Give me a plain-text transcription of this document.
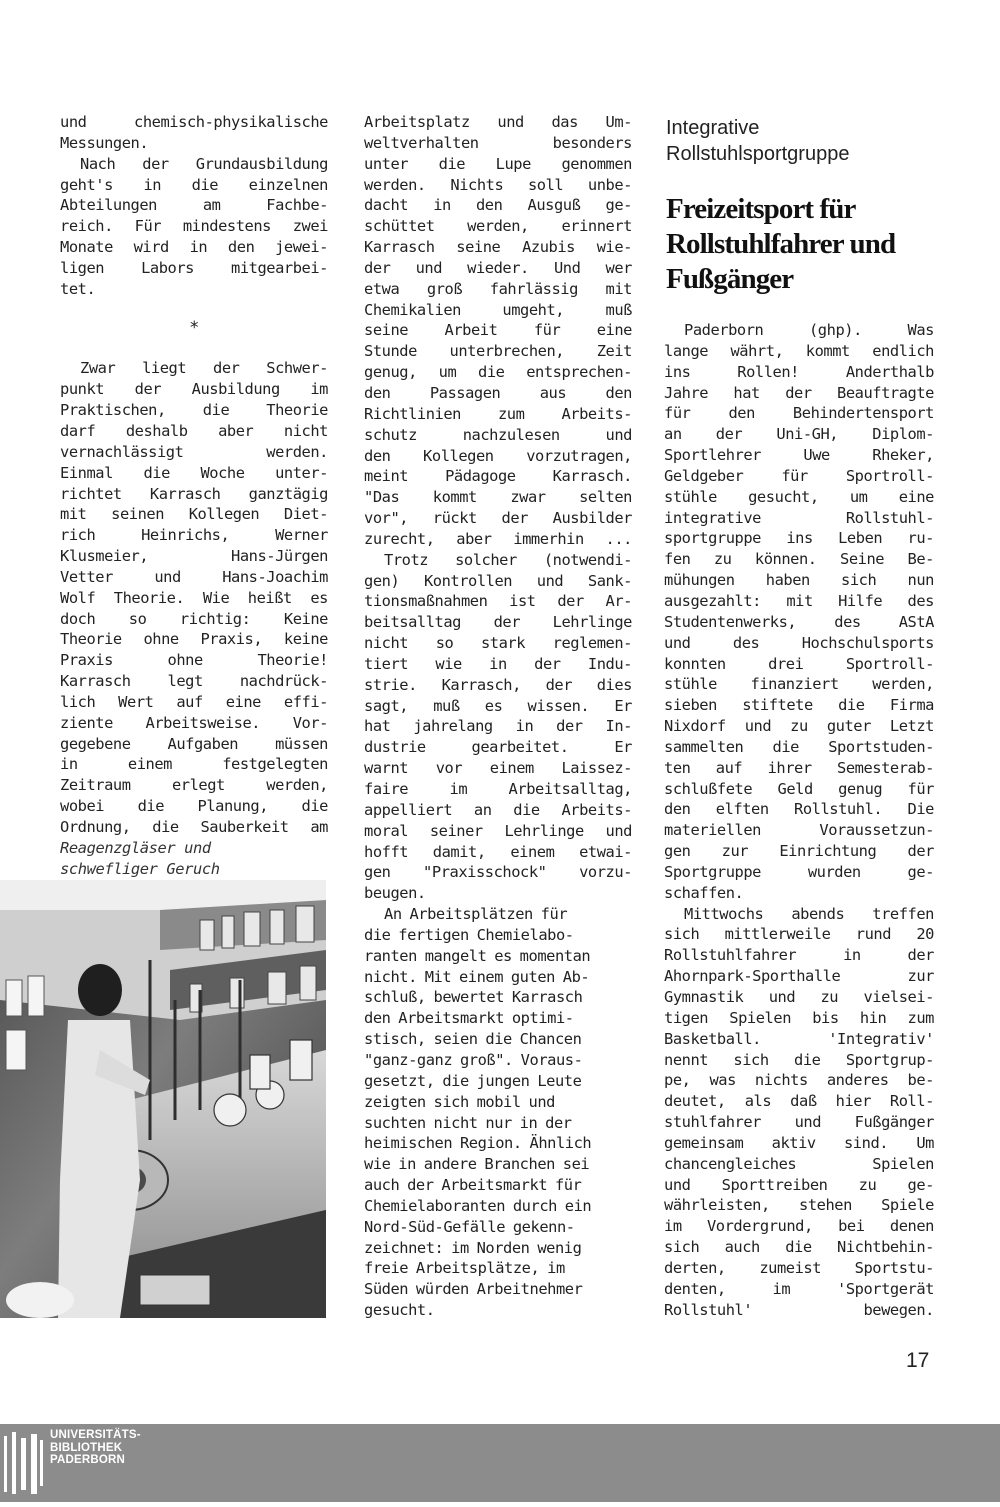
und chemisch-physikalische
Messungen.

Nach der Grundausbildung
geht's in die einzelnen
Abteilungen am Fachbe-
reich. Für mindestens zwei
Monate wird in den jewei-
ligen Labors mitgearbei-
tet.

*

Zwar liegt der Schwer-
punkt der Ausbildung im
Praktischen, die Theorie
darf deshalb aber nicht
vernachlässigt werden.
Einmal die Woche unter-
richtet Karrasch ganztägig
mit seinen Kollegen Diet-
rich Heinrichs, Werner
Klusmeier, Hans-Jürgen
Vetter und Hans-Joachim
Wolf Theorie. Wie heißt es
doch so richtig: Keine
Theorie ohne Praxis, keine
Praxis ohne Theorie!
Karrasch legt nachdrück-
lich Wert auf eine effi-
ziente Arbeitsweise. Vor-
gegebene Aufgaben müssen
in einem festgelegten
Zeitraum erlegt werden,
wobei die Planung, die
Ordnung, die Sauberkeit am

Reagenzgläser und
schwefliger Geruch

Arbeitsplatz und das Um-
weltverhalten besonders
unter die Lupe genommen
werden. Nichts soll unbe-
dacht in den Ausguß ge-
schüttet werden, erinnert
Karrasch seine Azubis wie-
der und wieder. Und wer
etwa groß fahrlässig mit
Chemikalien umgeht, muß
seine Arbeit für eine
Stunde unterbrechen, Zeit
genug, um die entsprechen-
den Passagen aus den
Richtlinien zum Arbeits-
schutz nachzulesen und
den Kollegen vorzutragen,
meint Pädagoge Karrasch.
"Das kommt zwar selten
vor", rückt der Ausbilder
zurecht, aber immerhin ...

Trotz solcher (notwendi-
gen) Kontrollen und Sank-
tionsmaßnahmen ist der Ar-
beitsalltag der Lehrlinge
nicht so stark reglemen-
tiert wie in der Indu-
strie. Karrasch, der dies
sagt, muß es wissen. Er
hat jahrelang in der In-
dustrie gearbeitet. Er
warnt vor einem Laissez-
faire im Arbeitsalltag,
appelliert an die Arbeits-
moral seiner Lehrlinge und
hofft damit, einem etwai-
gen "Praxisschock" vorzu-
beugen.

An Arbeitsplätzen für
die fertigen Chemielabo-
ranten mangelt es momentan
nicht. Mit einem guten Ab-
schluß, bewertet Karrasch
den Arbeitsmarkt optimi-
stisch, seien die Chancen
"ganz-ganz groß". Voraus-
gesetzt, die jungen Leute
zeigten sich mobil und
suchten nicht nur in der
heimischen Region. Ähnlich
wie in andere Branchen sei
auch der Arbeitsmarkt für
Chemielaboranten durch ein
Nord-Süd-Gefälle gekenn-
zeichnet: im Norden wenig
freie Arbeitsplätze, im
Süden würden Arbeitnehmer
gesucht.

Integrative
Rollstuhlsportgruppe
Freizeitsport für
Rollstuhlfahrer und
Fußgänger

Paderborn (ghp). Was
lange währt, kommt endlich
ins Rollen! Anderthalb
Jahre hat der Beauftragte
für den Behindertensport
an der Uni-GH, Diplom-
Sportlehrer Uwe Rheker,
Geldgeber für Sportroll-
stühle gesucht, um eine
integrative Rollstuhl-
sportgruppe ins Leben ru-
fen zu können. Seine Be-
mühungen haben sich nun
ausgezahlt: mit Hilfe des
Studentenwerks, des AStA
und des Hochschulsports
konnten drei Sportroll-
stühle finanziert werden,
sieben stiftete die Firma
Nixdorf und zu guter Letzt
sammelten die Sportstuden-
ten auf ihrer Semesterab-
schlußfete Geld genug für
den elften Rollstuhl. Die
materiellen Voraussetzun-
gen zur Einrichtung der
Sportgruppe wurden ge-
schaffen.

Mittwochs abends treffen
sich mittlerweile rund 20
Rollstuhlfahrer in der
Ahornpark-Sporthalle zur
Gymnastik und zu vielsei-
tigen Spielen bis hin zum
Basketball. 'Integrativ'
nennt sich die Sportgrup-
pe, was nichts anderes be-
deutet, als daß hier Roll-
stuhlfahrer und Fußgänger
gemeinsam aktiv sind. Um
chancengleiches Spielen
und Sporttreiben zu ge-
währleisten, stehen Spiele
im Vordergrund, bei denen
sich auch die Nichtbehin-
derten, zumeist Sportstu-
denten, im 'Sportgerät
Rollstuhl' bewegen.

17
UNIVERSITÄTS-
BIBLIOTHEK
PADERBORN
